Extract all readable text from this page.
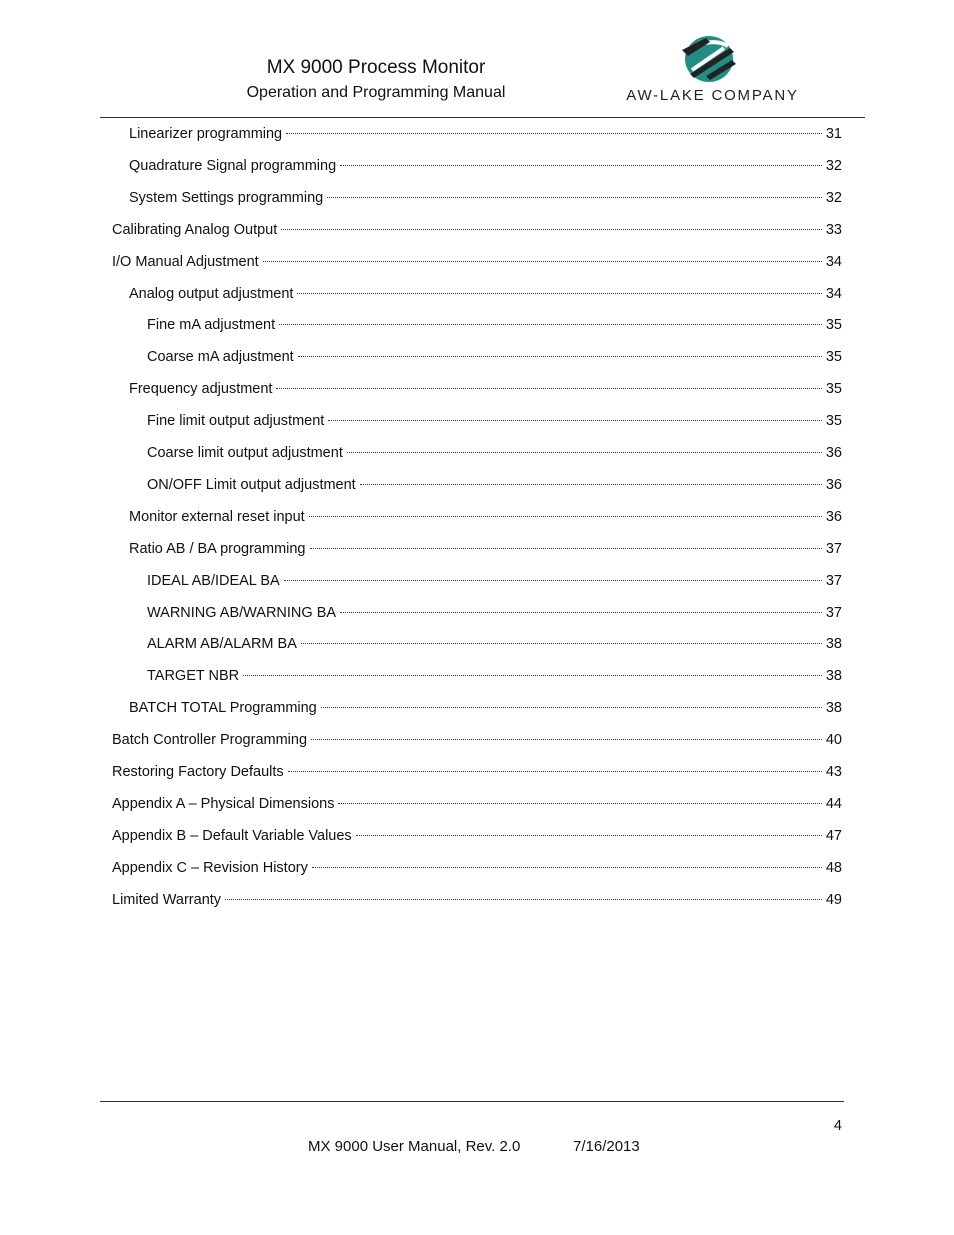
MX 9000 Process Monitor
Operation and Programming Manual	AW-LAKE COMPANY
Linearizer programming	31
Quadrature Signal programming	32
System Settings programming	32
Calibrating Analog Output	33
I/O Manual Adjustment	34
Analog output adjustment	34
Fine mA adjustment	35
Coarse mA adjustment	35
Frequency adjustment	35
Fine limit output adjustment	35
Coarse limit output adjustment	36
ON/OFF Limit output adjustment	36
Monitor external reset input	36
Ratio AB / BA programming	37
IDEAL AB/IDEAL BA	37
WARNING AB/WARNING BA	37
ALARM AB/ALARM BA	38
TARGET NBR	38
BATCH TOTAL Programming	38
Batch Controller Programming	40
Restoring Factory Defaults	43
Appendix A – Physical Dimensions	44
Appendix B – Default Variable Values	47
Appendix C – Revision History	48
Limited Warranty	49
4
MX 9000 User Manual, Rev. 2.0	7/16/2013
